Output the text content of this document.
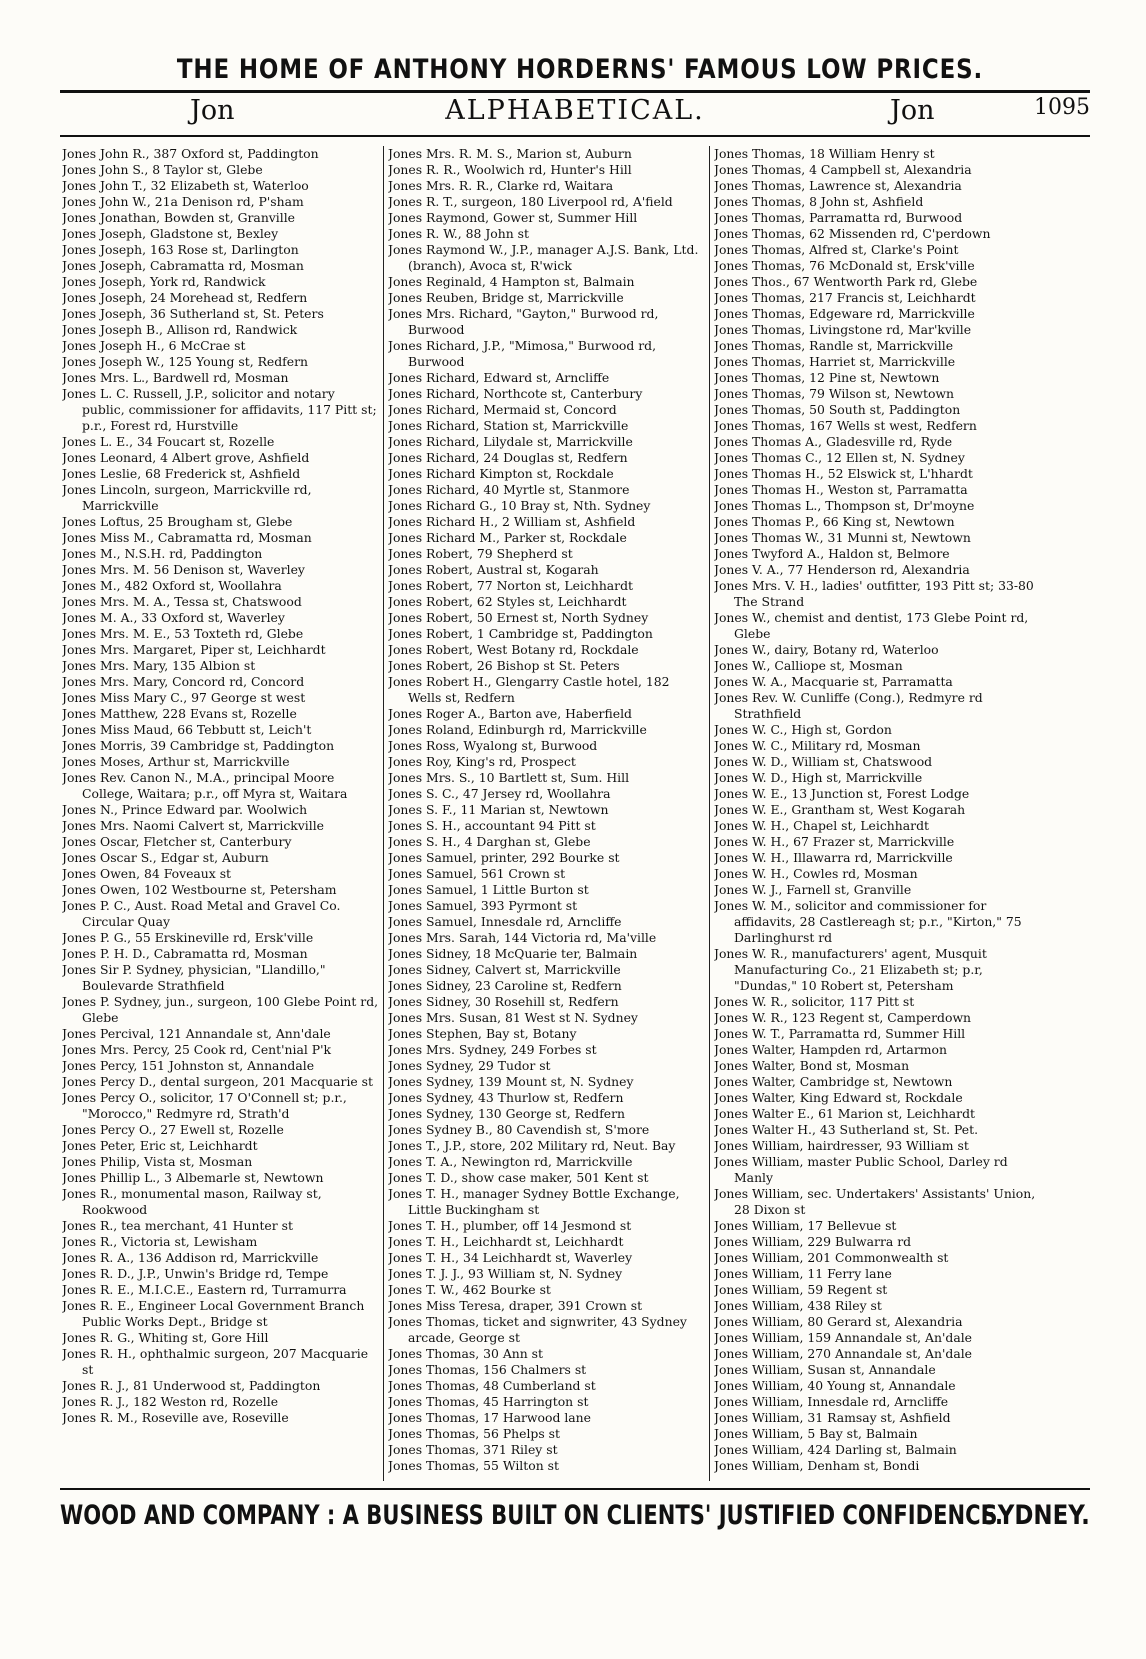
THE HOME OF ANTHONY HORDERNS' FAMOUS LOW PRICES.
Jon	ALPHABETICAL.	Jon	1095

Jones John R., 387 Oxford st, Paddington

Jones John S., 8 Taylor st, Glebe

Jones John T., 32 Elizabeth st, Waterloo

Jones John W., 21a Denison rd, P'sham

Jones Jonathan, Bowden st, Granville

Jones Joseph, Gladstone st, Bexley

Jones Joseph, 163 Rose st, Darlington

Jones Joseph, Cabramatta rd, Mosman

Jones Joseph, York rd, Randwick

Jones Joseph, 24 Morehead st, Redfern

Jones Joseph, 36 Sutherland st, St. Peters

Jones Joseph B., Allison rd, Randwick

Jones Joseph H., 6 McCrae st

Jones Joseph W., 125 Young st, Redfern

Jones Mrs. L., Bardwell rd, Mosman

Jones L. C. Russell, J.P., solicitor and notary public, commissioner for affidavits, 117 Pitt st; p.r., Forest rd, Hurstville

Jones L. E., 34 Foucart st, Rozelle

Jones Leonard, 4 Albert grove, Ashfield

Jones Leslie, 68 Frederick st, Ashfield

Jones Lincoln, surgeon, Marrickville rd, Marrickville

Jones Loftus, 25 Brougham st, Glebe

Jones Miss M., Cabramatta rd, Mosman

Jones M., N.S.H. rd, Paddington

Jones Mrs. M. 56 Denison st, Waverley

Jones M., 482 Oxford st, Woollahra

Jones Mrs. M. A., Tessa st, Chatswood

Jones M. A., 33 Oxford st, Waverley

Jones Mrs. M. E., 53 Toxteth rd, Glebe

Jones Mrs. Margaret, Piper st, Leichhardt

Jones Mrs. Mary, 135 Albion st

Jones Mrs. Mary, Concord rd, Concord

Jones Miss Mary C., 97 George st west

Jones Matthew, 228 Evans st, Rozelle

Jones Miss Maud, 66 Tebbutt st, Leich't

Jones Morris, 39 Cambridge st, Paddington

Jones Moses, Arthur st, Marrickville

Jones Rev. Canon N., M.A., principal Moore College, Waitara; p.r., off Myra st, Waitara

Jones N., Prince Edward par. Woolwich

Jones Mrs. Naomi Calvert st, Marrickville

Jones Oscar, Fletcher st, Canterbury

Jones Oscar S., Edgar st, Auburn

Jones Owen, 84 Foveaux st

Jones Owen, 102 Westbourne st, Petersham

Jones P. C., Aust. Road Metal and Gravel Co. Circular Quay

Jones P. G., 55 Erskineville rd, Ersk'ville

Jones P. H. D., Cabramatta rd, Mosman

Jones Sir P. Sydney, physician, "Llandillo," Boulevarde Strathfield

Jones P. Sydney, jun., surgeon, 100 Glebe Point rd, Glebe

Jones Percival, 121 Annandale st, Ann'dale

Jones Mrs. Percy, 25 Cook rd, Cent'nial P'k

Jones Percy, 151 Johnston st, Annandale

Jones Percy D., dental surgeon, 201 Macquarie st

Jones Percy O., solicitor, 17 O'Connell st; p.r., "Morocco," Redmyre rd, Strath'd

Jones Percy O., 27 Ewell st, Rozelle

Jones Peter, Eric st, Leichhardt

Jones Philip, Vista st, Mosman

Jones Phillip L., 3 Albemarle st, Newtown

Jones R., monumental mason, Railway st, Rookwood

Jones R., tea merchant, 41 Hunter st

Jones R., Victoria st, Lewisham

Jones R. A., 136 Addison rd, Marrickville

Jones R. D., J.P., Unwin's Bridge rd, Tempe

Jones R. E., M.I.C.E., Eastern rd, Turramurra

Jones R. E., Engineer Local Government Branch Public Works Dept., Bridge st

Jones R. G., Whiting st, Gore Hill

Jones R. H., ophthalmic surgeon, 207 Macquarie st

Jones R. J., 81 Underwood st, Paddington

Jones R. J., 182 Weston rd, Rozelle

Jones R. M., Roseville ave, Roseville

Jones Mrs. R. M. S., Marion st, Auburn

Jones R. R., Woolwich rd, Hunter's Hill

Jones Mrs. R. R., Clarke rd, Waitara

Jones R. T., surgeon, 180 Liverpool rd, A'field

Jones Raymond, Gower st, Summer Hill

Jones R. W., 88 John st

Jones Raymond W., J.P., manager A.J.S. Bank, Ltd. (branch), Avoca st, R'wick

Jones Reginald, 4 Hampton st, Balmain

Jones Reuben, Bridge st, Marrickville

Jones Mrs. Richard, "Gayton," Burwood rd, Burwood

Jones Richard, J.P., "Mimosa," Burwood rd, Burwood

Jones Richard, Edward st, Arncliffe

Jones Richard, Northcote st, Canterbury

Jones Richard, Mermaid st, Concord

Jones Richard, Station st, Marrickville

Jones Richard, Lilydale st, Marrickville

Jones Richard, 24 Douglas st, Redfern

Jones Richard Kimpton st, Rockdale

Jones Richard, 40 Myrtle st, Stanmore

Jones Richard G., 10 Bray st, Nth. Sydney

Jones Richard H., 2 William st, Ashfield

Jones Richard M., Parker st, Rockdale

Jones Robert, 79 Shepherd st

Jones Robert, Austral st, Kogarah

Jones Robert, 77 Norton st, Leichhardt

Jones Robert, 62 Styles st, Leichhardt

Jones Robert, 50 Ernest st, North Sydney

Jones Robert, 1 Cambridge st, Paddington

Jones Robert, West Botany rd, Rockdale

Jones Robert, 26 Bishop st St. Peters

Jones Robert H., Glengarry Castle hotel, 182 Wells st, Redfern

Jones Roger A., Barton ave, Haberfield

Jones Roland, Edinburgh rd, Marrickville

Jones Ross, Wyalong st, Burwood

Jones Roy, King's rd, Prospect

Jones Mrs. S., 10 Bartlett st, Sum. Hill

Jones S. C., 47 Jersey rd, Woollahra

Jones S. F., 11 Marian st, Newtown

Jones S. H., accountant 94 Pitt st

Jones S. H., 4 Darghan st, Glebe

Jones Samuel, printer, 292 Bourke st

Jones Samuel, 561 Crown st

Jones Samuel, 1 Little Burton st

Jones Samuel, 393 Pyrmont st

Jones Samuel, Innesdale rd, Arncliffe

Jones Mrs. Sarah, 144 Victoria rd, Ma'ville

Jones Sidney, 18 McQuarie ter, Balmain

Jones Sidney, Calvert st, Marrickville

Jones Sidney, 23 Caroline st, Redfern

Jones Sidney, 30 Rosehill st, Redfern

Jones Mrs. Susan, 81 West st N. Sydney

Jones Stephen, Bay st, Botany

Jones Mrs. Sydney, 249 Forbes st

Jones Sydney, 29 Tudor st

Jones Sydney, 139 Mount st, N. Sydney

Jones Sydney, 43 Thurlow st, Redfern

Jones Sydney, 130 George st, Redfern

Jones Sydney B., 80 Cavendish st, S'more

Jones T., J.P., store, 202 Military rd, Neut. Bay

Jones T. A., Newington rd, Marrickville

Jones T. D., show case maker, 501 Kent st

Jones T. H., manager Sydney Bottle Exchange, Little Buckingham st

Jones T. H., plumber, off 14 Jesmond st

Jones T. H., Leichhardt st, Leichhardt

Jones T. H., 34 Leichhardt st, Waverley

Jones T. J. J., 93 William st, N. Sydney

Jones T. W., 462 Bourke st

Jones Miss Teresa, draper, 391 Crown st

Jones Thomas, ticket and signwriter, 43 Sydney arcade, George st

Jones Thomas, 30 Ann st

Jones Thomas, 156 Chalmers st

Jones Thomas, 48 Cumberland st

Jones Thomas, 45 Harrington st

Jones Thomas, 17 Harwood lane

Jones Thomas, 56 Phelps st

Jones Thomas, 371 Riley st

Jones Thomas, 55 Wilton st

Jones Thomas, 18 William Henry st

Jones Thomas, 4 Campbell st, Alexandria

Jones Thomas, Lawrence st, Alexandria

Jones Thomas, 8 John st, Ashfield

Jones Thomas, Parramatta rd, Burwood

Jones Thomas, 62 Missenden rd, C'perdown

Jones Thomas, Alfred st, Clarke's Point

Jones Thomas, 76 McDonald st, Ersk'ville

Jones Thos., 67 Wentworth Park rd, Glebe

Jones Thomas, 217 Francis st, Leichhardt

Jones Thomas, Edgeware rd, Marrickville

Jones Thomas, Livingstone rd, Mar'kville

Jones Thomas, Randle st, Marrickville

Jones Thomas, Harriet st, Marrickville

Jones Thomas, 12 Pine st, Newtown

Jones Thomas, 79 Wilson st, Newtown

Jones Thomas, 50 South st, Paddington

Jones Thomas, 167 Wells st west, Redfern

Jones Thomas A., Gladesville rd, Ryde

Jones Thomas C., 12 Ellen st, N. Sydney

Jones Thomas H., 52 Elswick st, L'hhardt

Jones Thomas H., Weston st, Parramatta

Jones Thomas L., Thompson st, Dr'moyne

Jones Thomas P., 66 King st, Newtown

Jones Thomas W., 31 Munni st, Newtown

Jones Twyford A., Haldon st, Belmore

Jones V. A., 77 Henderson rd, Alexandria

Jones Mrs. V. H., ladies' outfitter, 193 Pitt st; 33-80 The Strand

Jones W., chemist and dentist, 173 Glebe Point rd, Glebe

Jones W., dairy, Botany rd, Waterloo

Jones W., Calliope st, Mosman

Jones W. A., Macquarie st, Parramatta

Jones Rev. W. Cunliffe (Cong.), Redmyre rd Strathfield

Jones W. C., High st, Gordon

Jones W. C., Military rd, Mosman

Jones W. D., William st, Chatswood

Jones W. D., High st, Marrickville

Jones W. E., 13 Junction st, Forest Lodge

Jones W. E., Grantham st, West Kogarah

Jones W. H., Chapel st, Leichhardt

Jones W. H., 67 Frazer st, Marrickville

Jones W. H., Illawarra rd, Marrickville

Jones W. H., Cowles rd, Mosman

Jones W. J., Farnell st, Granville

Jones W. M., solicitor and commissioner for affidavits, 28 Castlereagh st; p.r., "Kirton," 75 Darlinghurst rd

Jones W. R., manufacturers' agent, Musquit Manufacturing Co., 21 Elizabeth st; p.r, "Dundas," 10 Robert st, Petersham

Jones W. R., solicitor, 117 Pitt st

Jones W. R., 123 Regent st, Camperdown

Jones W. T., Parramatta rd, Summer Hill

Jones Walter, Hampden rd, Artarmon

Jones Walter, Bond st, Mosman

Jones Walter, Cambridge st, Newtown

Jones Walter, King Edward st, Rockdale

Jones Walter E., 61 Marion st, Leichhardt

Jones Walter H., 43 Sutherland st, St. Pet.

Jones William, hairdresser, 93 William st

Jones William, master Public School, Darley rd Manly

Jones William, sec. Undertakers' Assistants' Union, 28 Dixon st

Jones William, 17 Bellevue st

Jones William, 229 Bulwarra rd

Jones William, 201 Commonwealth st

Jones William, 11 Ferry lane

Jones William, 59 Regent st

Jones William, 438 Riley st

Jones William, 80 Gerard st, Alexandria

Jones William, 159 Annandale st, An'dale

Jones William, 270 Annandale st, An'dale

Jones William, Susan st, Annandale

Jones William, 40 Young st, Annandale

Jones William, Innesdale rd, Arncliffe

Jones William, 31 Ramsay st, Ashfield

Jones William, 5 Bay st, Balmain

Jones William, 424 Darling st, Balmain

Jones William, Denham st, Bondi

WOOD AND COMPANY : A BUSINESS BUILT ON CLIENTS' JUSTIFIED CONFIDENCE.
SYDNEY.
